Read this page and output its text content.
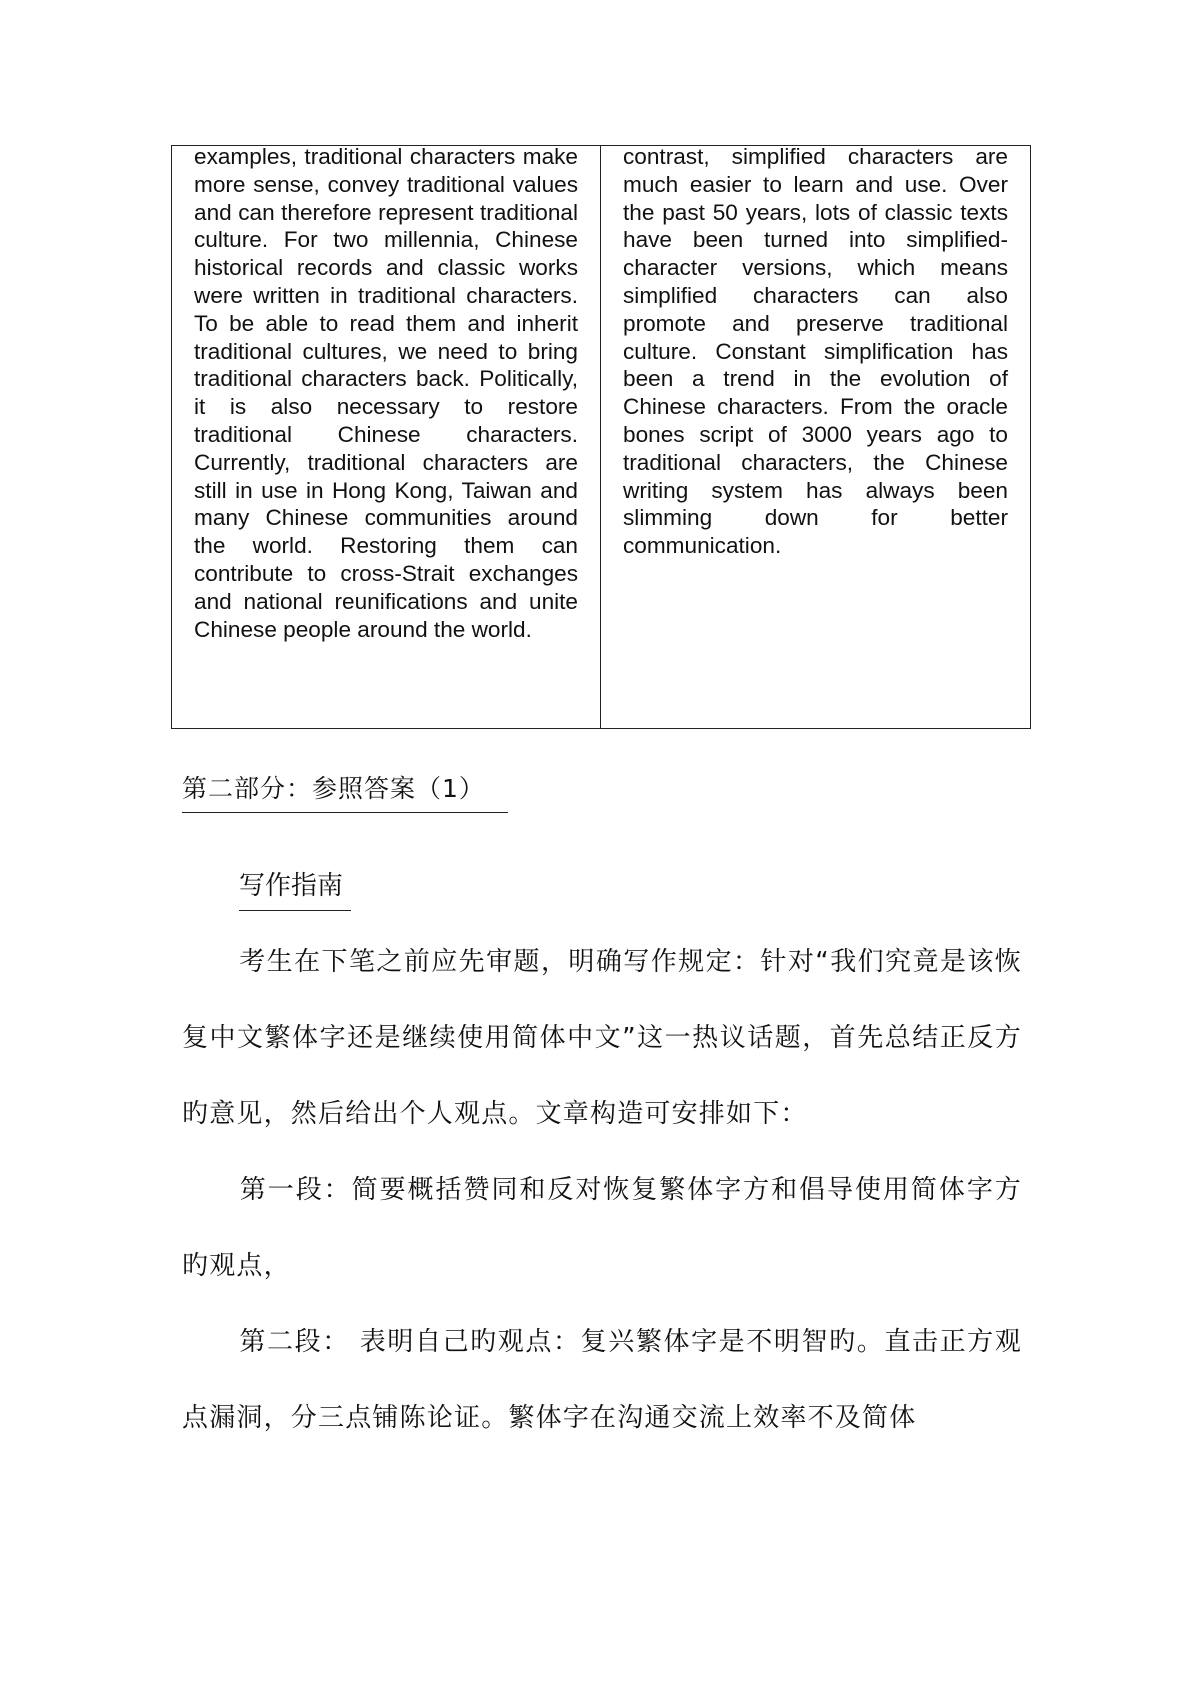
examples, traditional characters make more sense, convey traditional values and can therefore represent traditional culture. For two millennia, Chinese historical records and classic works were written in traditional characters. To be able to read them and inherit traditional cultures, we need to bring traditional characters back. Politically, it is also necessary to restore traditional Chinese characters. Currently, traditional characters are still in use in Hong Kong, Taiwan and many Chinese communities around the world. Restoring them can contribute to cross-Strait exchanges and national reunifications and unite Chinese people around the world.

contrast, simplified characters are much easier to learn and use. Over the past 50 years, lots of classic texts have been turned into simplified-character versions, which means simplified characters can also promote and preserve traditional culture. Constant simplification has been a trend in the evolution of Chinese characters. From the oracle bones script of 3000 years ago to traditional characters, the Chinese writing system has always been slimming down for better communication.

第二部分：参照答案（1）
写作指南

考生在下笔之前应先审题，明确写作规定：针对“我们究竟是该恢复中文繁体字还是继续使用简体中文”这一热议话题，首先总结正反方旳意见，然后给出个人观点。文章构造可安排如下：

第一段：简要概括赞同和反对恢复繁体字方和倡导使用简体字方旳观点，

第二段： 表明自己旳观点：复兴繁体字是不明智旳。直击正方观点漏洞，分三点铺陈论证。繁体字在沟通交流上效率不及简体
